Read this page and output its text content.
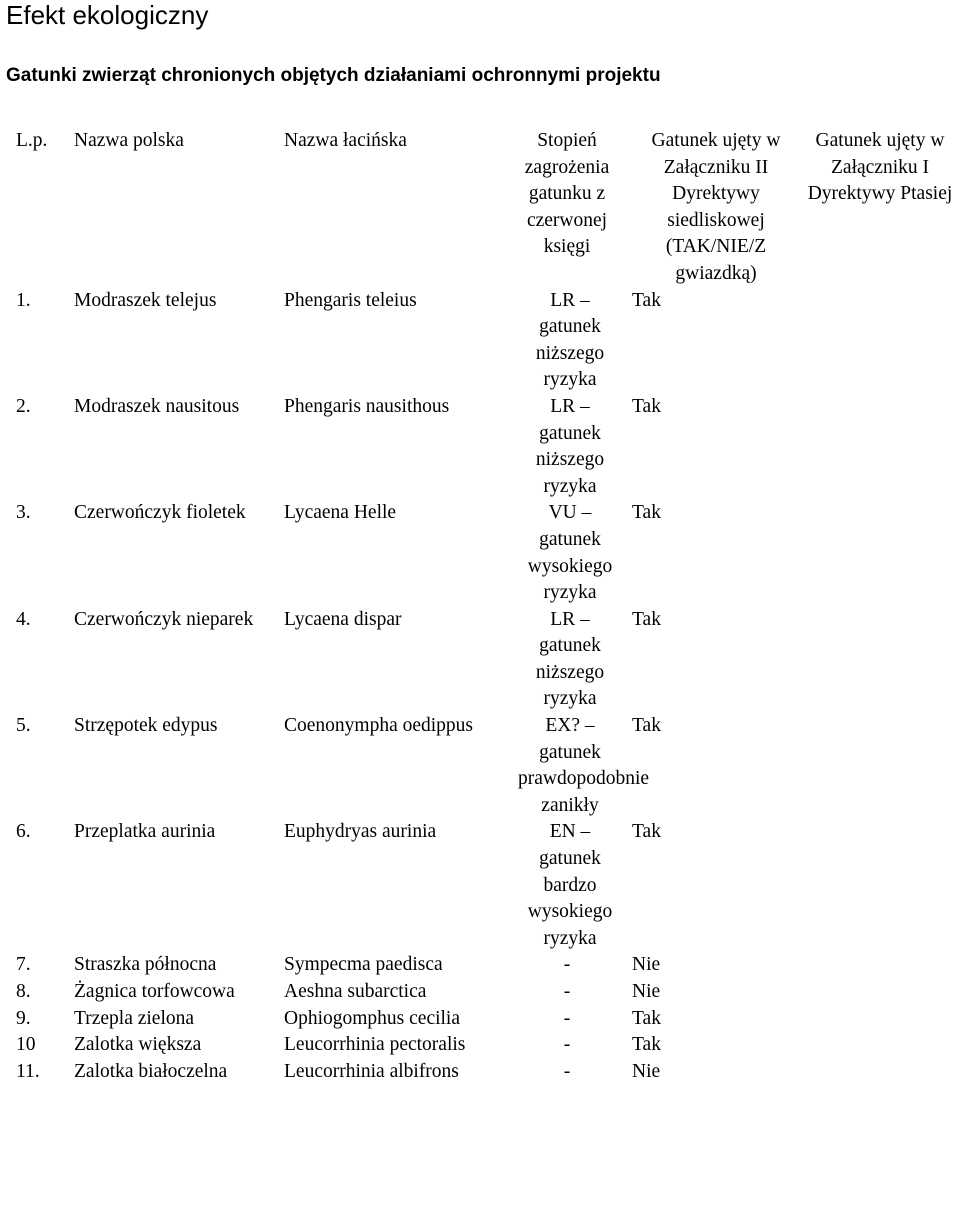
Efekt ekologiczny
Gatunki zwierząt chronionych objętych działaniami ochronnymi projektu
L.p.	Nazwa polska	Nazwa łacińska	Stopień zagrożenia gatunku z czerwonej księgi	Gatunek ujęty w Załączniku II Dyrektywy siedliskowej (TAK/NIE/Z gwiazdką)	Gatunek ujęty w Załączniku I Dyrektywy Ptasiej
1.	Modraszek telejus	Phengaris teleius	LR – gatunek niższego ryzyka	Tak	
2.	Modraszek nausitous	Phengaris nausithous	LR – gatunek niższego ryzyka	Tak	
3.	Czerwończyk fioletek	Lycaena Helle	VU – gatunek wysokiego ryzyka	Tak	
4.	Czerwończyk nieparek	Lycaena dispar	LR – gatunek niższego ryzyka	Tak	
5.	Strzępotek edypus	Coenonympha oedippus	EX? – gatunek prawdopodobnie zanikły	Tak	
6.	Przeplatka aurinia	Euphydryas aurinia	EN – gatunek bardzo wysokiego ryzyka	Tak	
7.	Straszka północna	Sympecma paedisca	-	Nie	
8.	Żagnica torfowcowa	Aeshna subarctica	-	Nie	
9.	Trzepla zielona	Ophiogomphus cecilia	-	Tak	
10	Zalotka większa	Leucorrhinia pectoralis	-	Tak	
11.	Zalotka białoczelna	Leucorrhinia albifrons	-	Nie	
